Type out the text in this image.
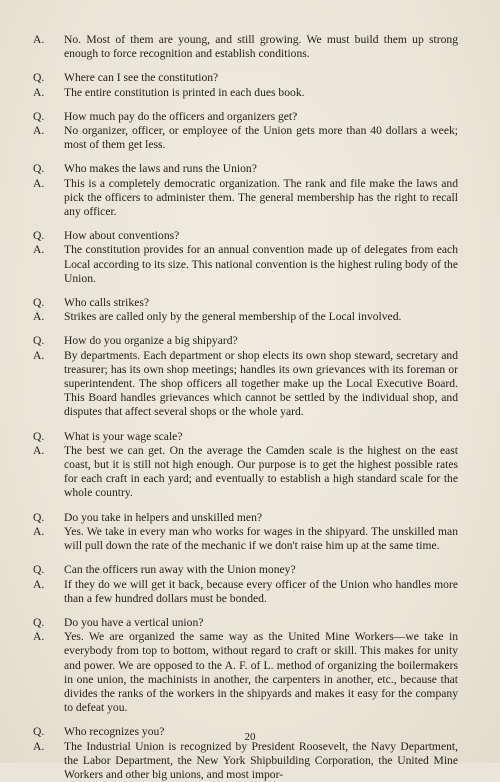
A.	No. Most of them are young, and still growing. We must build them up strong enough to force recognition and establish conditions.
Q.	Where can I see the constitution?
A.	The entire constitution is printed in each dues book.
Q.	How much pay do the officers and organizers get?
A.	No organizer, officer, or employee of the Union gets more than 40 dollars a week; most of them get less.
Q.	Who makes the laws and runs the Union?
A.	This is a completely democratic organization. The rank and file make the laws and pick the officers to administer them. The general membership has the right to recall any officer.
Q.	How about conventions?
A.	The constitution provides for an annual convention made up of delegates from each Local according to its size. This national convention is the highest ruling body of the Union.
Q.	Who calls strikes?
A.	Strikes are called only by the general membership of the Local involved.
Q.	How do you organize a big shipyard?
A.	By departments. Each department or shop elects its own shop steward, secretary and treasurer; has its own shop meetings; handles its own grievances with its foreman or superintendent. The shop officers all together make up the Local Executive Board. This Board handles grievances which cannot be settled by the individual shop, and disputes that affect several shops or the whole yard.
Q.	What is your wage scale?
A.	The best we can get. On the average the Camden scale is the highest on the east coast, but it is still not high enough. Our purpose is to get the highest possible rates for each craft in each yard; and eventually to establish a high standard scale for the whole country.
Q.	Do you take in helpers and unskilled men?
A.	Yes. We take in every man who works for wages in the shipyard. The unskilled man will pull down the rate of the mechanic if we don't raise him up at the same time.
Q.	Can the officers run away with the Union money?
A.	If they do we will get it back, because every officer of the Union who handles more than a few hundred dollars must be bonded.
Q.	Do you have a vertical union?
A.	Yes. We are organized the same way as the United Mine Workers—we take in everybody from top to bottom, without regard to craft or skill. This makes for unity and power. We are opposed to the A. F. of L. method of organizing the boilermakers in one union, the machinists in another, the carpenters in another, etc., because that divides the ranks of the workers in the shipyards and makes it easy for the company to defeat you.
Q.	Who recognizes you?
A.	The Industrial Union is recognized by President Roosevelt, the Navy Department, the Labor Department, the New York Shipbuilding Corporation, the United Mine Workers and other big unions, and most impor-
20
